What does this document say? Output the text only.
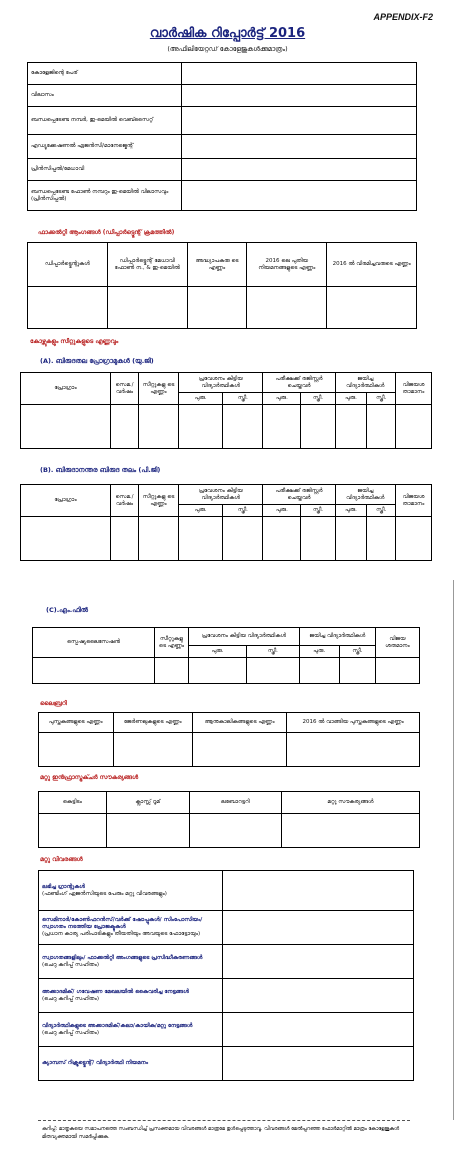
APPENDIX-F2
വാർഷിക റിപ്പോർട്ട് 2016
(അഫിലിയേറ്റഡ് കോളേജുകൾക്കുമാത്രം)
കോളേജിന്റെ പേര്	
വിലാസം	
ബന്ധപ്പെടേണ്ട നമ്പർ, ഇ-മെയിൽ വെബ്സൈറ്റ്	
എഡ്യുക്കേഷണൽ ഏജൻസി/മാനേജ്മെന്റ്	
പ്രിൻസിപ്പൽ/മേധാവി	
ബന്ധപ്പെടേണ്ട ഫോൺ നമ്പറും ഇ-മെയിൽ വിലാസവും (പ്രിൻസിപ്പൽ)	
ഫാക്കൽറ്റി ആംഗങ്ങൾ (ഡിപ്പാർട്ട്മെന്റ് ക്രമത്തിൽ)
ഡിപ്പാർട്ട്മെന്റുകൾ	ഡിപ്പാർട്ട്മെന്റ് മേധാവി ഫോൺ ന., & ഇ-മെയിൽ	അദ്ധ്യാപകരു ടെ എണ്ണം	2016 ലെ പുതിയ നിയമനങ്ങളുടെ എണ്ണം	2016 ൽ വിരമിച്ചവരുടെ എണ്ണം

കോഴ്സുകളും സീറ്റുകളുടെ എണ്ണവും
(A). ബിരുദതല പ്രോഗ്രാമുകൾ (യു.ജി)
പ്രോഗ്രാം	സെമ./ വർഷം	സീറ്റുകളു ടെ എണ്ണം	പ്രവേശനം കിട്ടിയ വിദ്യാർത്ഥികൾ		പരീക്ഷക്ക് രജിസ്റ്റർ ചെയ്തവർ		ജയിച്ച വിദ്യാർത്ഥികൾ		വിജയശ താമാനം
			പുരു.	സ്ത്രീ.	പുരു.	സ്ത്രീ.	പുരു.	സ്ത്രീ.	

(B). ബിരുദാനന്തര ബിരുദ തലം (പി.ജി)
പ്രോഗ്രാം	സെമ./ വർഷം	സീറ്റുകളു ടെ എണ്ണം	പ്രവേശനം കിട്ടിയ വിദ്യാർത്ഥികൾ		പരീക്ഷക്ക് രജിസ്റ്റർ ചെയ്തവർ		ജയിച്ച വിദ്യാർത്ഥികൾ		വിജയശ താമാനം
			പുരു.	സ്ത്രീ.	പുരു.	സ്ത്രീ.	പുരു.	സ്ത്രീ.	

(C).എം.ഫിൽ
സ്പെഷ്യലൈസേഷൻ	സീറ്റുകളു ടെ എണ്ണം	പ്രവേശനം കിട്ടിയ വിദ്യാർത്ഥികൾ		ജയിച്ച വിദ്യാർത്ഥികൾ		വിജയ ശതമാനം
		പുരു.	സ്ത്രീ.	പുരു.	സ്ത്രീ.	

ലൈബ്രറി
പുസ്തകങ്ങളുടെ എണ്ണം	ജേർണലുകളുടെ എണ്ണം	ആനുകാലികങ്ങളുടെ എണ്ണം	2016 ൽ വാങ്ങിയ പുസ്തകങ്ങളുടെ എണ്ണം

മറ്റു ഇൻഫ്രാസ്ട്രക്ചർ സൗകര്യങ്ങൾ
കെട്ടിടം	ക്ലാസ്സ് റൂമ്	ലബോറട്ടറി	മറ്റു സൗകര്യങ്ങൾ

മറ്റു വിവരങ്ങൾ
ലഭിച്ച ഗ്രാന്റുകൾ
(ഫണ്ടിംഗ് ഏജൻസിയുടെ പേരും മറ്റു വിവരങ്ങളും)	

സെമിനാർ/കോൺഫറൻസ്/വർക്ക് ഷോപ്പുകൾ/ സിംപോസിയം/സ്വാഗതം നടത്തിയ പ്രോജക്ടുകൾ
(പ്രധാന കാര്യ പരിപാടികളും തീയതിയും അവയുടെ ഫോട്ടോയും)	

സ്വാഗതങ്ങളിലും/ ഫാക്കൽറ്റി അംഗങ്ങളുടെ പ്രസിദ്ധീകരണങ്ങൾ
(ചെറു കുറിപ്പ് സഹിതം)	

അക്കാദമിക്/ ഗവേഷണ മേഖലയിൽ കൈവരിച്ച നേട്ടങ്ങൾ
(ചെറു കുറിപ്പ് സഹിതം)	

വിദ്യാർത്ഥികളുടെ അക്കാദമിക്/കലാ/കായിക/മറ്റു നേട്ടങ്ങൾ
(ചെറു കുറിപ്പ് സഹിതം)	

ക്യാമ്പസ് റിക്രൂട്ട്മെന്റ്/ വിദ്യാർത്ഥി നിയമനം	

കുറിപ്പ്: മാതൃകയെ സമാപനത്തെ സംബന്ധിച്ച് പ്രസക്തമായ വിവരങ്ങൾ മാത്രമേ ഉൾപ്പെടുത്താവൂ. വിവരങ്ങൾ മേൽപ്പറഞ്ഞ ഫോർമാറ്റിൽ മാത്രം കോളേജുകൾ മിതവ്യക്തമായി സമർപ്പിക്കുക.
